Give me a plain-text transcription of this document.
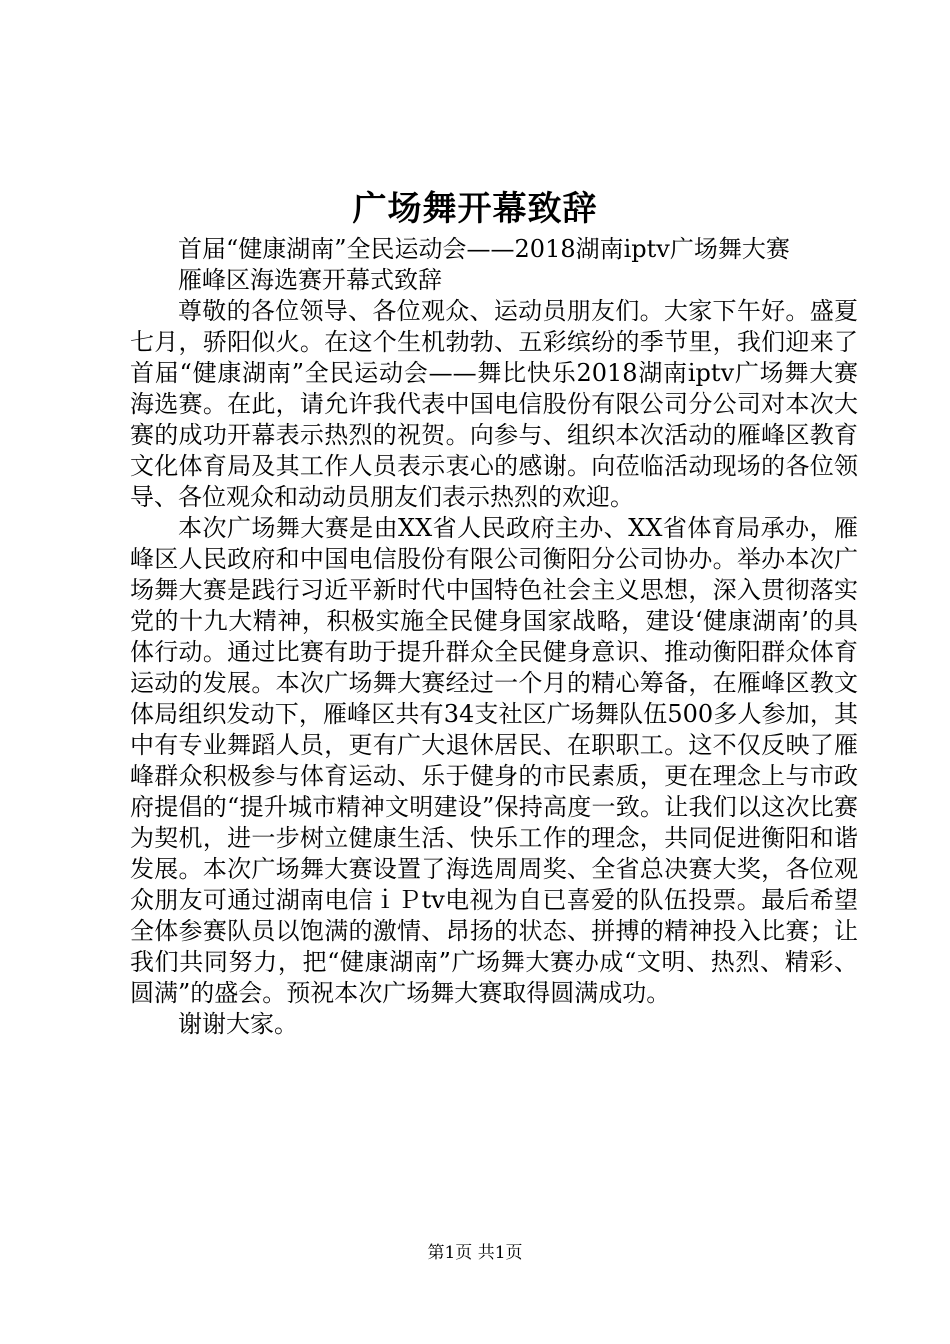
广场舞开幕致辞

首届“健康湖南”全民运动会——2018湖南iptv广场舞大赛

雁峰区海选赛开幕式致辞

尊敬的各位领导、各位观众、运动员朋友们。大家下午好。盛夏七月，骄阳似火。在这个生机勃勃、五彩缤纷的季节里，我们迎来了首届“健康湖南”全民运动会——舞比快乐2018湖南iptv广场舞大赛海选赛。在此，请允许我代表中国电信股份有限公司分公司对本次大赛的成功开幕表示热烈的祝贺。向参与、组织本次活动的雁峰区教育文化体育局及其工作人员表示衷心的感谢。向莅临活动现场的各位领导、各位观众和动动员朋友们表示热烈的欢迎。

本次广场舞大赛是由XX省人民政府主办、XX省体育局承办，雁峰区人民政府和中国电信股份有限公司衡阳分公司协办。举办本次广场舞大赛是践行习近平新时代中国特色社会主义思想，深入贯彻落实党的十九大精神，积极实施全民健身国家战略，建设‘健康湖南’的具体行动。通过比赛有助于提升群众全民健身意识、推动衡阳群众体育运动的发展。本次广场舞大赛经过一个月的精心筹备，在雁峰区教文体局组织发动下，雁峰区共有34支社区广场舞队伍500多人参加，其中有专业舞蹈人员，更有广大退休居民、在职职工。这不仅反映了雁峰群众积极参与体育运动、乐于健身的市民素质，更在理念上与市政府提倡的“提升城市精神文明建设”保持高度一致。让我们以这次比赛为契机，进一步树立健康生活、快乐工作的理念，共同促进衡阳和谐发展。本次广场舞大赛设置了海选周周奖、全省总决赛大奖，各位观众朋友可通过湖南电信ｉＰtv电视为自已喜爱的队伍投票。最后希望全体参赛队员以饱满的激情、昂扬的状态、拼搏的精神投入比赛；让我们共同努力，把“健康湖南”广场舞大赛办成“文明、热烈、精彩、圆满”的盛会。预祝本次广场舞大赛取得圆满成功。

谢谢大家。

第1页 共1页
